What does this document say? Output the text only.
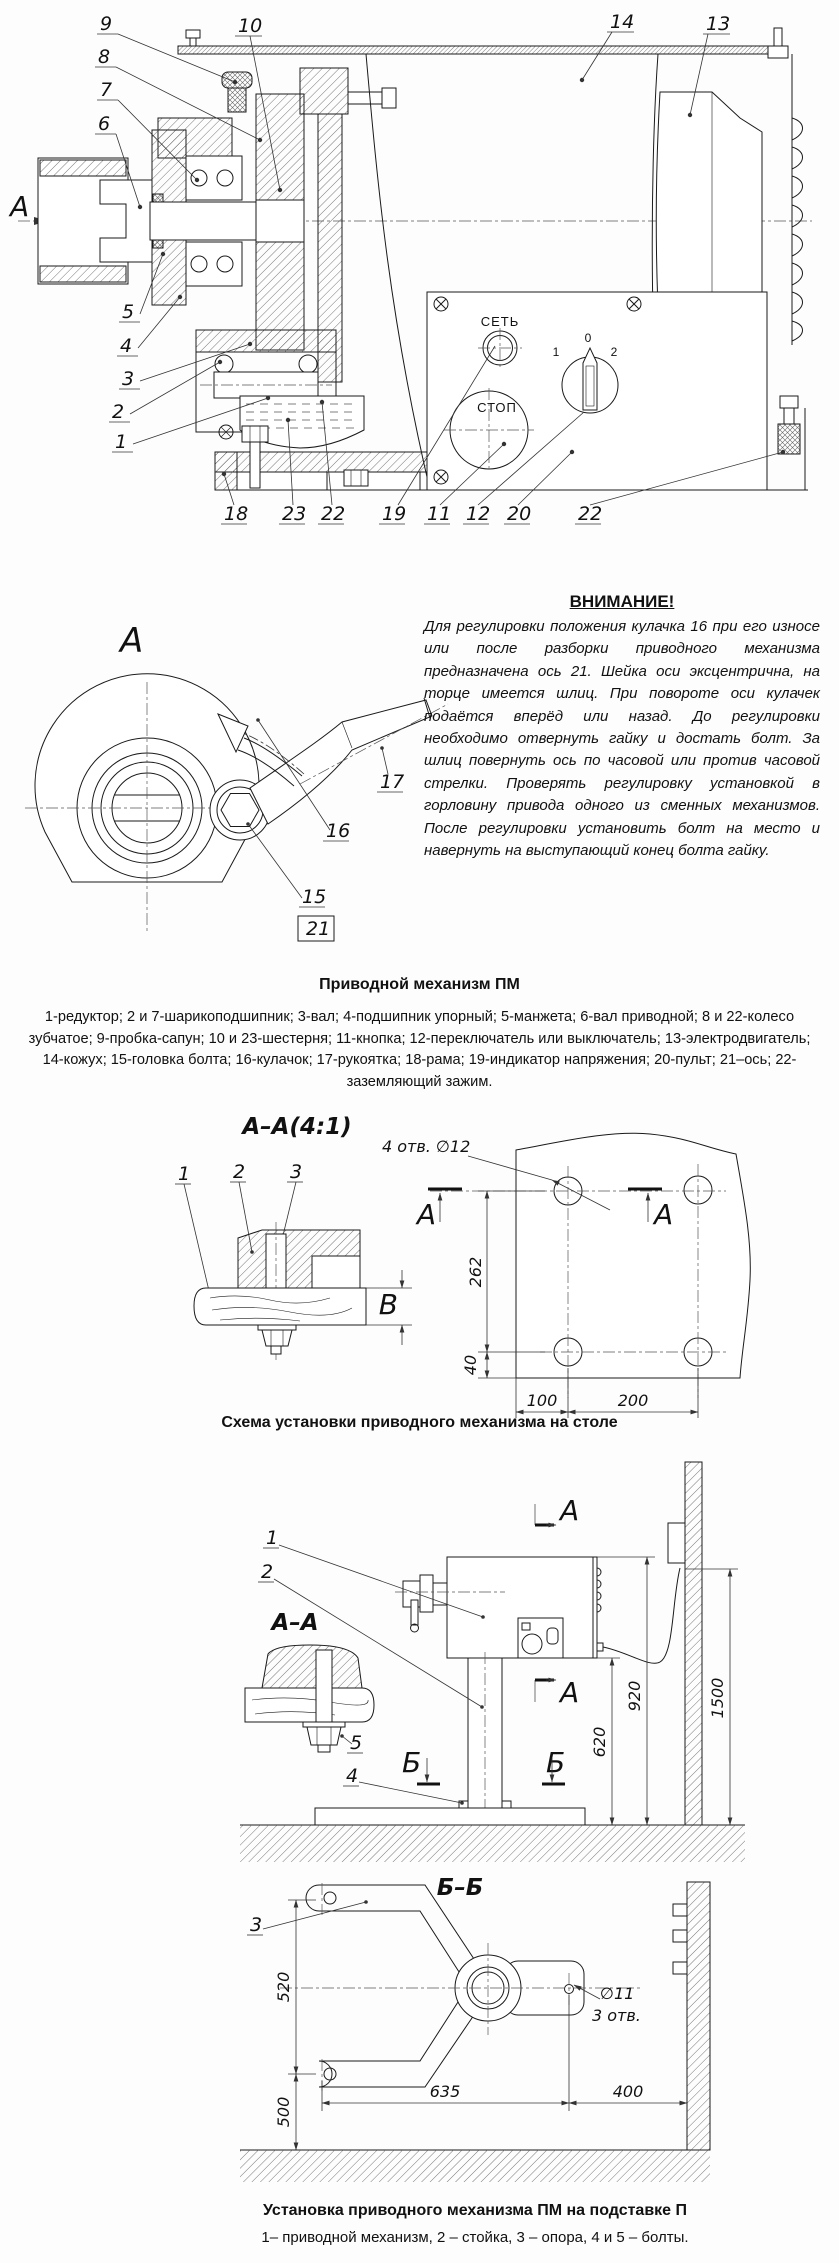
А
СЕТЬ
СТОП
0
1	2
9
8
7
6
10	14	13
5
4
3
2
1
18 23 22 19 11 12 20 22
А
17
16
15
21
ВНИМАНИЕ!
Для регулировки положения кулачка 16 при его износе или после разборки приводного механизма предназначена ось 21. Шейка оси эксцентрична, на торце имеется шлиц. При повороте оси кулачек подаётся вперёд или назад. До регулировки необходимо отвернуть гайку и достать болт. За шлиц повернуть ось по часовой или против часовой стрелки. Проверять регулировку установкой в горловину привода одного из сменных механизмов. После регулировки установить болт на место и навернуть на выступающий конец болта гайку.
Приводной механизм ПМ
1-редуктор; 2 и 7-шарикоподшипник; 3-вал; 4-подшипник упорный; 5-манжета; 6-вал приводной; 8 и 22-колесо зубчатое; 9-пробка-сапун; 10 и 23-шестерня; 11-кнопка; 12-переключатель или выключатель; 13-электродвигатель; 14-кожух; 15-головка болта; 16-кулачок; 17-рукоятка; 18-рама; 19-индикатор напряжения; 20-пульт; 21–ось; 22-заземляющий зажим.
А–А(4:1)
1 2 3
В
4 отв. ∅12
А	А
262
40
100	200
Схема установки приводного механизма на столе
1
2
А–А
5
4
А
А
Б	Б
620
920	1500
Б–Б
3
520
500
635	400
∅11
3 отв.
Установка приводного механизма ПМ на подставке П
1– приводной механизм, 2 – стойка, 3 – опора, 4 и 5 – болты.
